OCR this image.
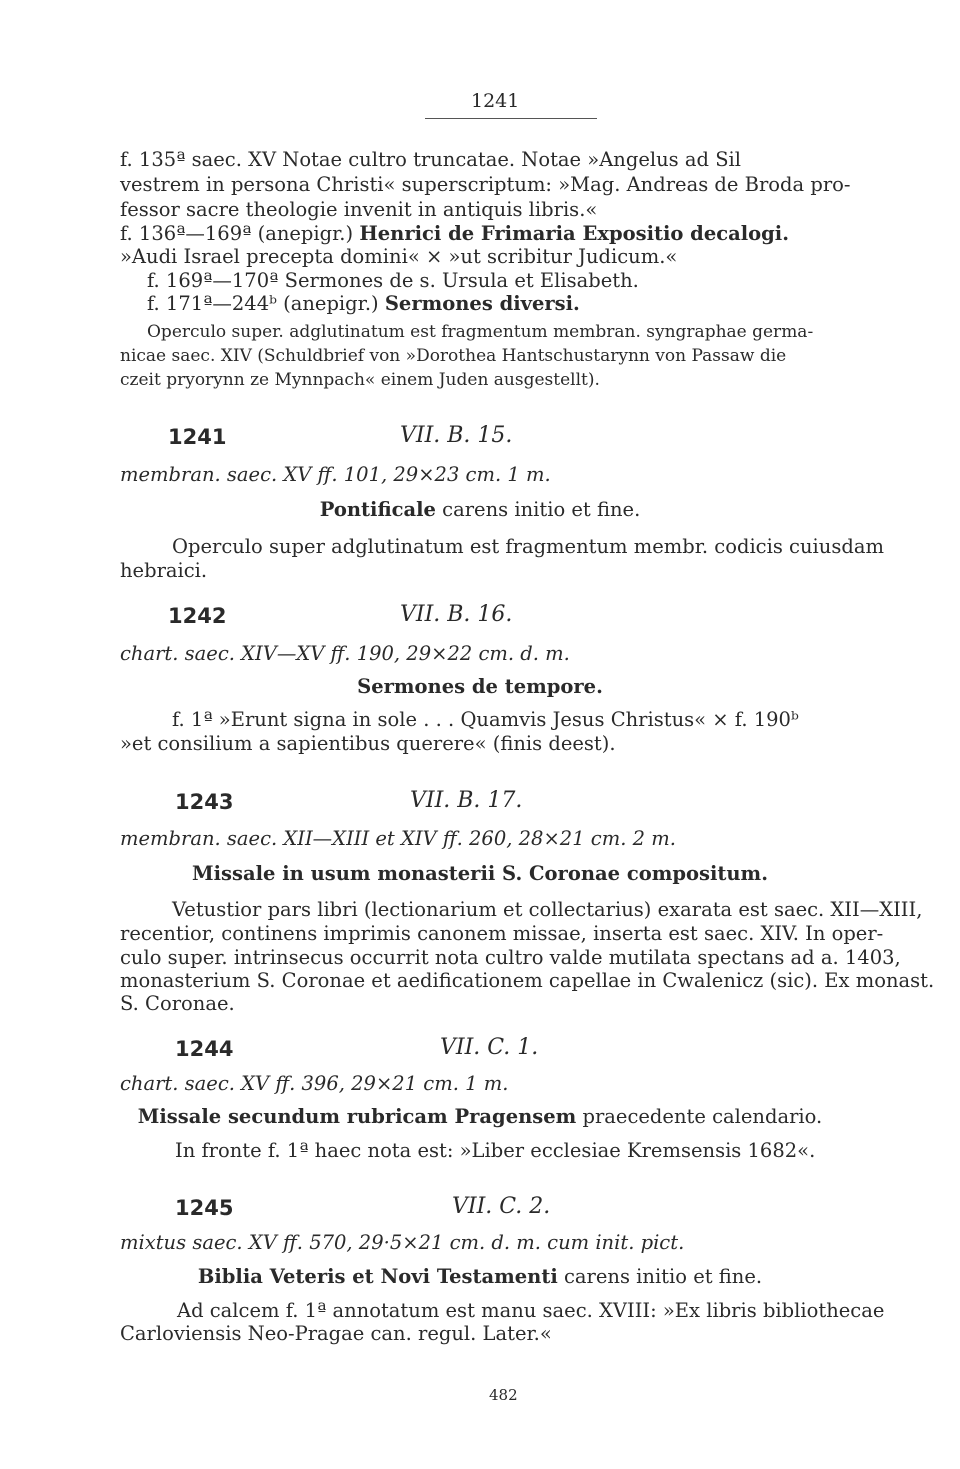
1241
f. 135ª saec. XV Notae cultro truncatae. Notae »Angelus ad Sil
vestrem in persona Christi« superscriptum: »Mag. Andreas de Broda pro-
fessor sacre theologie invenit in antiquis libris.«
f. 136ª—169ª (anepigr.) Henrici de Frimaria Expositio decalogi.
»Audi Israel precepta domini« × »ut scribitur Judicum.«
f. 169ª—170ª Sermones de s. Ursula et Elisabeth.
f. 171ª—244ᵇ (anepigr.) Sermones diversi.
Operculo super. adglutinatum est fragmentum membran. syngraphae germa-
nicae saec. XIV (Schuldbrief von »Dorothea Hantschustarynn von Passaw die
czeit pryorynn ze Mynnpach« einem Juden ausgestellt).
1241	VII. B. 15.
membran. saec. XV ff. 101, 29×23 cm. 1 m.
Pontificale carens initio et fine.
Operculo super adglutinatum est fragmentum membr. codicis cuiusdam
hebraici.
1242	VII. B. 16.
chart. saec. XIV—XV ff. 190, 29×22 cm. d. m.
Sermones de tempore.
f. 1ª »Erunt signa in sole . . . Quamvis Jesus Christus« × f. 190ᵇ
»et consilium a sapientibus querere« (finis deest).
1243	VII. B. 17.
membran. saec. XII—XIII et XIV ff. 260, 28×21 cm. 2 m.
Missale in usum monasterii S. Coronae compositum.
Vetustior pars libri (lectionarium et collectarius) exarata est saec. XII—XIII,
recentior, continens imprimis canonem missae, inserta est saec. XIV. In oper-
culo super. intrinsecus occurrit nota cultro valde mutilata spectans ad a. 1403,
monasterium S. Coronae et aedificationem capellae in Cwalenicz (sic). Ex monast.
S. Coronae.
1244	VII. C. 1.
chart. saec. XV ff. 396, 29×21 cm. 1 m.
Missale secundum rubricam Pragensem praecedente calendario.
In fronte f. 1ª haec nota est: »Liber ecclesiae Kremsensis 1682«.
1245	VII. C. 2.
mixtus saec. XV ff. 570, 29·5×21 cm. d. m. cum init. pict.
Biblia Veteris et Novi Testamenti carens initio et fine.
Ad calcem f. 1ª annotatum est manu saec. XVIII: »Ex libris bibliothecae
Carloviensis Neo-Pragae can. regul. Later.«
482
